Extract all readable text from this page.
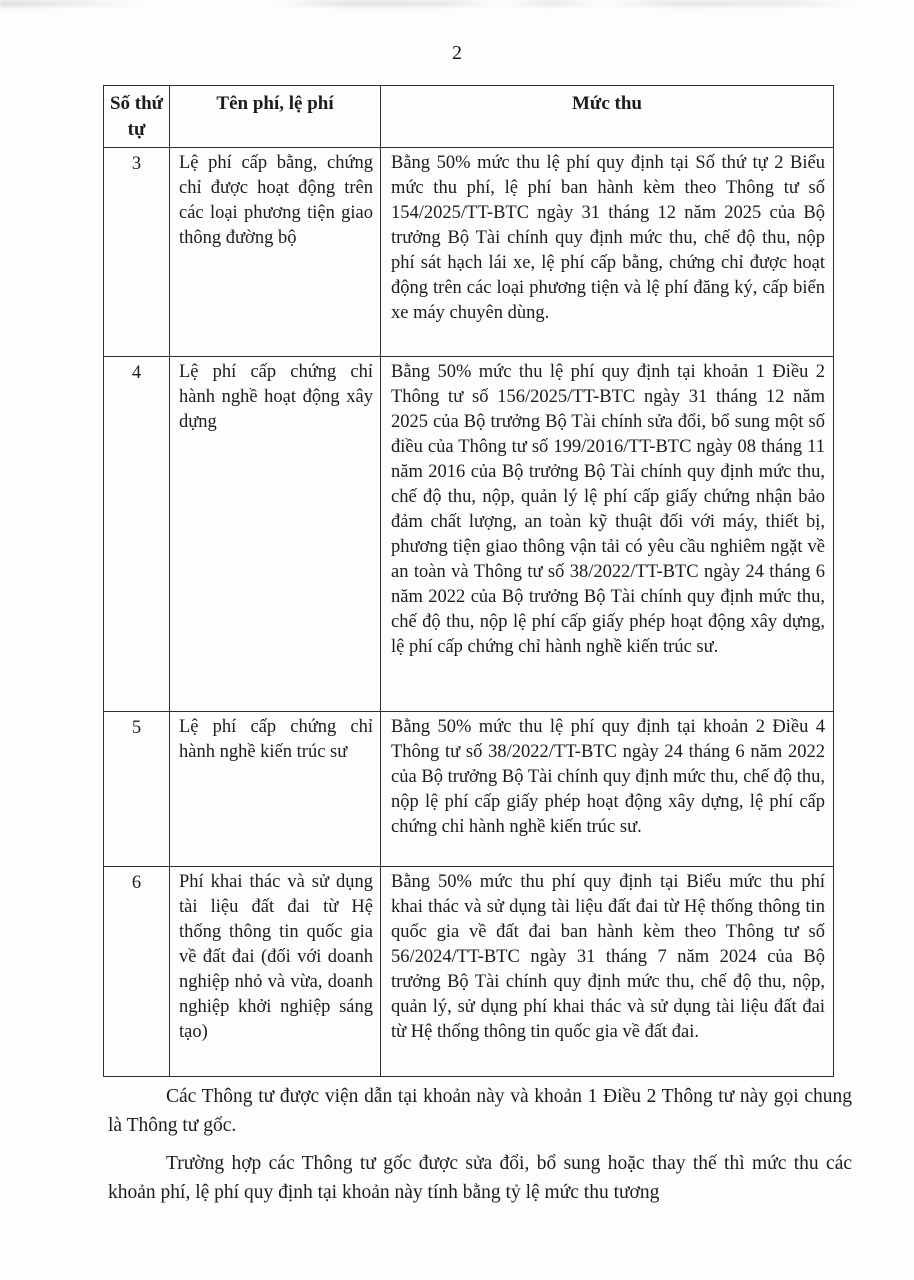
2
Số thứ tự	Tên phí, lệ phí	Mức thu
3	Lệ phí cấp bằng, chứng chỉ được hoạt động trên các loại phương tiện giao thông đường bộ	Bằng 50% mức thu lệ phí quy định tại Số thứ tự 2 Biểu mức thu phí, lệ phí ban hành kèm theo Thông tư số 154/2025/TT-BTC ngày 31 tháng 12 năm 2025 của Bộ trưởng Bộ Tài chính quy định mức thu, chế độ thu, nộp phí sát hạch lái xe, lệ phí cấp bằng, chứng chỉ được hoạt động trên các loại phương tiện và lệ phí đăng ký, cấp biển xe máy chuyên dùng.
4	Lệ phí cấp chứng chỉ hành nghề hoạt động xây dựng	Bằng 50% mức thu lệ phí quy định tại khoản 1 Điều 2 Thông tư số 156/2025/TT-BTC ngày 31 tháng 12 năm 2025 của Bộ trưởng Bộ Tài chính sửa đổi, bổ sung một số điều của Thông tư số 199/2016/TT-BTC ngày 08 tháng 11 năm 2016 của Bộ trưởng Bộ Tài chính quy định mức thu, chế độ thu, nộp, quản lý lệ phí cấp giấy chứng nhận bảo đảm chất lượng, an toàn kỹ thuật đối với máy, thiết bị, phương tiện giao thông vận tải có yêu cầu nghiêm ngặt về an toàn và Thông tư số 38/2022/TT-BTC ngày 24 tháng 6 năm 2022 của Bộ trưởng Bộ Tài chính quy định mức thu, chế độ thu, nộp lệ phí cấp giấy phép hoạt động xây dựng, lệ phí cấp chứng chỉ hành nghề kiến trúc sư.
5	Lệ phí cấp chứng chỉ hành nghề kiến trúc sư	Bằng 50% mức thu lệ phí quy định tại khoản 2 Điều 4 Thông tư số 38/2022/TT-BTC ngày 24 tháng 6 năm 2022 của Bộ trưởng Bộ Tài chính quy định mức thu, chế độ thu, nộp lệ phí cấp giấy phép hoạt động xây dựng, lệ phí cấp chứng chỉ hành nghề kiến trúc sư.
6	Phí khai thác và sử dụng tài liệu đất đai từ Hệ thống thông tin quốc gia về đất đai (đối với doanh nghiệp nhỏ và vừa, doanh nghiệp khởi nghiệp sáng tạo)	Bằng 50% mức thu phí quy định tại Biểu mức thu phí khai thác và sử dụng tài liệu đất đai từ Hệ thống thông tin quốc gia về đất đai ban hành kèm theo Thông tư số 56/2024/TT-BTC ngày 31 tháng 7 năm 2024 của Bộ trưởng Bộ Tài chính quy định mức thu, chế độ thu, nộp, quản lý, sử dụng phí khai thác và sử dụng tài liệu đất đai từ Hệ thống thông tin quốc gia về đất đai.

Các Thông tư được viện dẫn tại khoản này và khoản 1 Điều 2 Thông tư này gọi chung là Thông tư gốc.

Trường hợp các Thông tư gốc được sửa đổi, bổ sung hoặc thay thế thì mức thu các khoản phí, lệ phí quy định tại khoản này tính bằng tỷ lệ mức thu tương
